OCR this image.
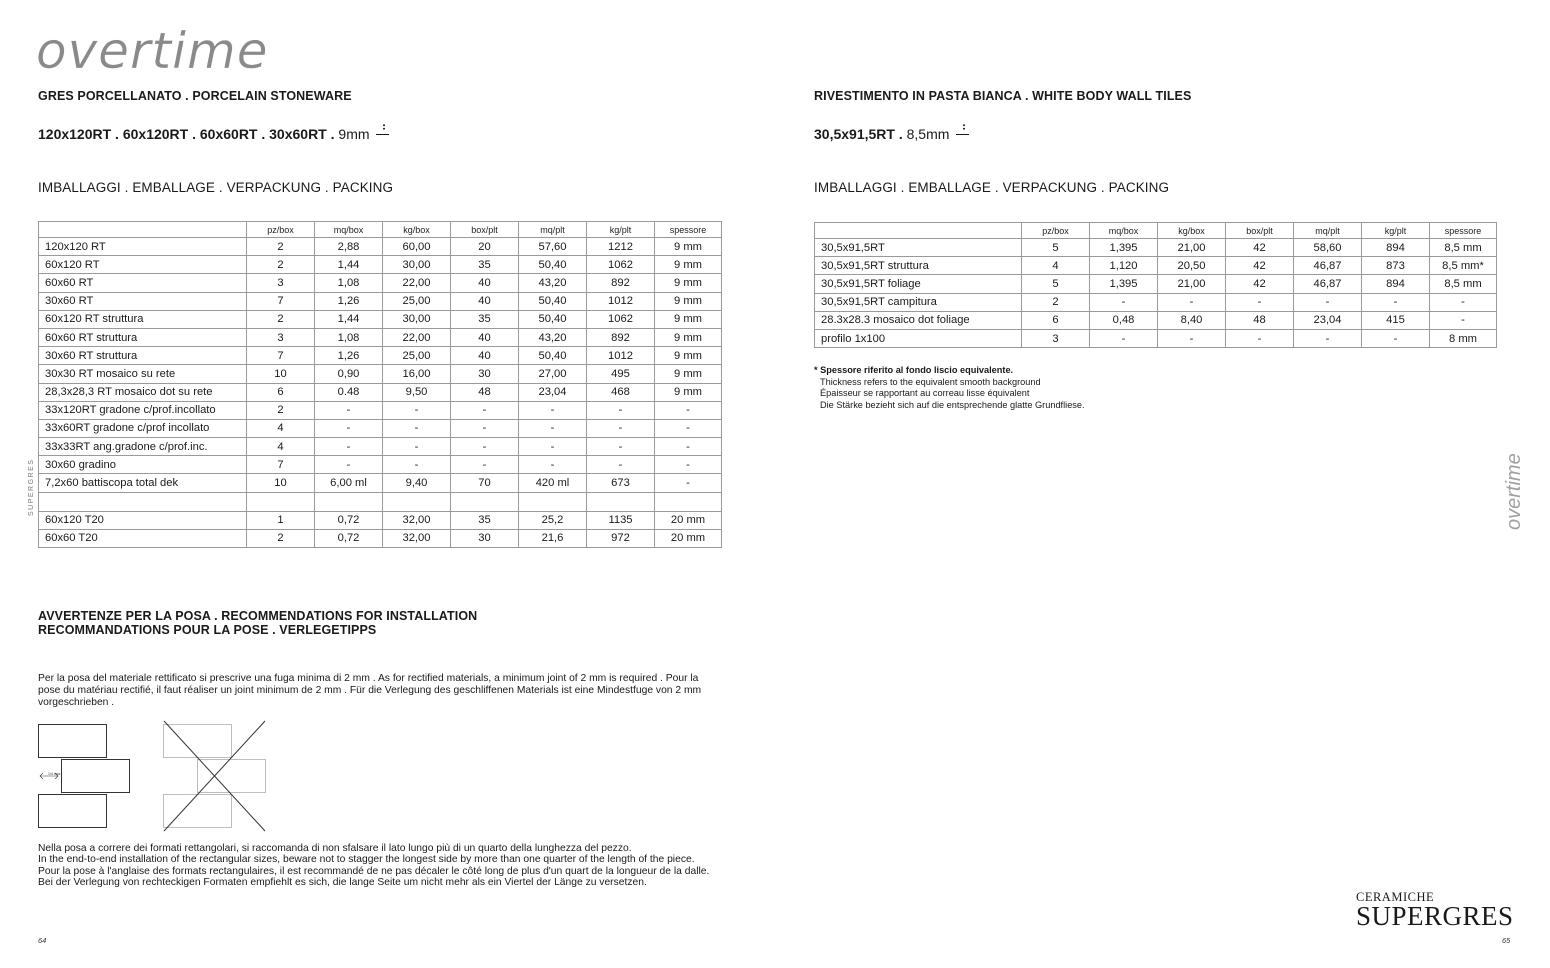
overtime
GRES PORCELLANATO . PORCELAIN STONEWARE
120x120RT . 60x120RT . 60x60RT . 30x60RT . 9mm ••
IMBALLAGGI . EMBALLAGE . VERPACKUNG . PACKING
	pz/box	mq/box	kg/box	box/plt	mq/plt	kg/plt	spessore
120x120 RT	2	2,88	60,00	20	57,60	1212	9 mm
60x120 RT	2	1,44	30,00	35	50,40	1062	9 mm
60x60 RT	3	1,08	22,00	40	43,20	892	9 mm
30x60 RT	7	1,26	25,00	40	50,40	1012	9 mm
60x120 RT struttura	2	1,44	30,00	35	50,40	1062	9 mm
60x60 RT struttura	3	1,08	22,00	40	43,20	892	9 mm
30x60 RT struttura	7	1,26	25,00	40	50,40	1012	9 mm
30x30 RT mosaico su rete	10	0,90	16,00	30	27,00	495	9 mm
28,3x28,3 RT mosaico dot su rete	6	0.48	9,50	48	23,04	468	9 mm
33x120RT gradone c/prof.incollato	2	-	-	-	-	-	-
33x60RT gradone c/prof incollato	4	-	-	-	-	-	-
33x33RT ang.gradone c/prof.inc.	4	-	-	-	-	-	-
30x60 gradino	7	-	-	-	-	-	-
7,2x60 battiscopa total dek	10	6,00 ml	9,40	70	420 ml	673	-

60x120 T20	1	0,72	32,00	35	25,2	1135	20 mm
60x60 T20	2	0,72	32,00	30	21,6	972	20 mm
SUPERGRES
AVVERTENZE PER LA POSA . RECOMMENDATIONS FOR INSTALLATION
RECOMMANDATIONS POUR LA POSE . VERLEGETIPPS
Per la posa del materiale rettificato si prescrive una fuga minima di 2 mm . As for rectified materials, a minimum joint of 2 mm is required . Pour la pose du matériau rectifié, il faut réaliser un joint minimum de 2 mm . Für die Verlegung des geschliffenen Materials ist eine Mindestfuge von 2 mm vorgeschrieben .
1/4 max
Nella posa a correre dei formati rettangolari, si raccomanda di non sfalsare il lato lungo più di un quarto della lunghezza del pezzo.
In the end-to-end installation of the rectangular sizes, beware not to stagger the longest side by more than one quarter of the length of the piece.
Pour la pose à l'anglaise des formats rectangulaires, il est recommandé de ne pas décaler le côté long de plus d'un quart de la longueur de la dalle.
Bei der Verlegung von rechteckigen Formaten empfiehlt es sich, die lange Seite um nicht mehr als ein Viertel der Länge zu versetzen.
64
RIVESTIMENTO IN PASTA BIANCA . WHITE BODY WALL TILES
30,5x91,5RT . 8,5mm ••
IMBALLAGGI . EMBALLAGE . VERPACKUNG . PACKING
	pz/box	mq/box	kg/box	box/plt	mq/plt	kg/plt	spessore
30,5x91,5RT	5	1,395	21,00	42	58,60	894	8,5 mm
30,5x91,5RT struttura	4	1,120	20,50	42	46,87	873	8,5 mm*
30,5x91,5RT foliage	5	1,395	21,00	42	46,87	894	8,5 mm
30,5x91,5RT campitura	2	-	-	-	-	-	-
28.3x28.3 mosaico dot foliage	6	0,48	8,40	48	23,04	415	-
profilo 1x100	3	-	-	-	-	-	8 mm
* Spessore riferito al fondo liscio equivalente.
Thickness refers to the equivalent smooth background
Épaisseur se rapportant au correau lisse équivalent
Die Stärke bezieht sich auf die entsprechende glatte Grundfliese.
overtime
CERAMICHE
SUPERGRES
65
